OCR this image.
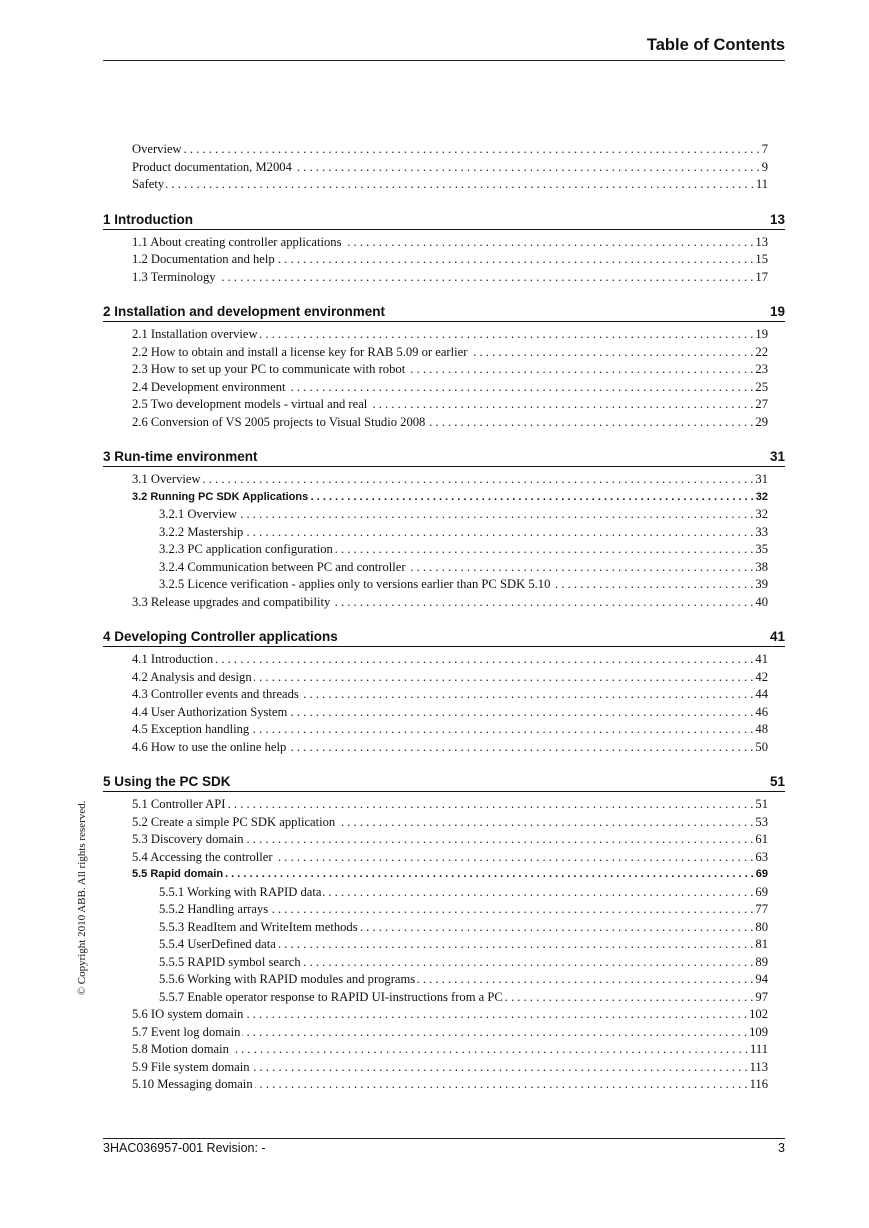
Table of Contents
© Copyright 2010 ABB. All rights reserved.
Overview . . .	7
Product documentation, M2004 . . .	9
Safety . . .	11
1 Introduction	13
1.1 About creating controller applications . . .	13
1.2 Documentation and help . . .	15
1.3 Terminology . . .	17
2 Installation and development environment	19
2.1 Installation overview . . .	19
2.2 How to obtain and install a license key for RAB 5.09 or earlier . . .	22
2.3 How to set up your PC to communicate with robot . . .	23
2.4 Development environment . . .	25
2.5 Two development models - virtual and real . . .	27
2.6 Conversion of VS 2005 projects to Visual Studio 2008 . . .	29
3 Run-time environment	31
3.1 Overview . . .	31
3.2 Running PC SDK Applications . . .	32
3.2.1 Overview . . .	32
3.2.2 Mastership . . .	33
3.2.3 PC application configuration . . .	35
3.2.4 Communication between PC and controller . . .	38
3.2.5 Licence verification - applies only to versions earlier than PC SDK 5.10 . . .	39
3.3 Release upgrades and compatibility . . .	40
4 Developing Controller applications	41
4.1 Introduction . . .	41
4.2 Analysis and design . . .	42
4.3 Controller events and threads . . .	44
4.4 User Authorization System . . .	46
4.5 Exception handling . . .	48
4.6 How to use the online help . . .	50
5 Using the PC SDK	51
5.1 Controller API . . .	51
5.2 Create a simple PC SDK application . . .	53
5.3 Discovery domain . . .	61
5.4 Accessing the controller . . .	63
5.5 Rapid domain . . .	69
5.5.1 Working with RAPID data . . .	69
5.5.2 Handling arrays . . .	77
5.5.3 ReadItem and WriteItem methods . . .	80
5.5.4 UserDefined data . . .	81
5.5.5 RAPID symbol search . . .	89
5.5.6 Working with RAPID modules and programs . . .	94
5.5.7 Enable operator response to RAPID UI-instructions from a PC . . .	97
5.6 IO system domain . . .	102
5.7 Event log domain . . .	109
5.8 Motion domain . . .	111
5.9 File system domain . . .	113
5.10 Messaging domain . . .	116
3HAC036957-001 Revision: -	3
